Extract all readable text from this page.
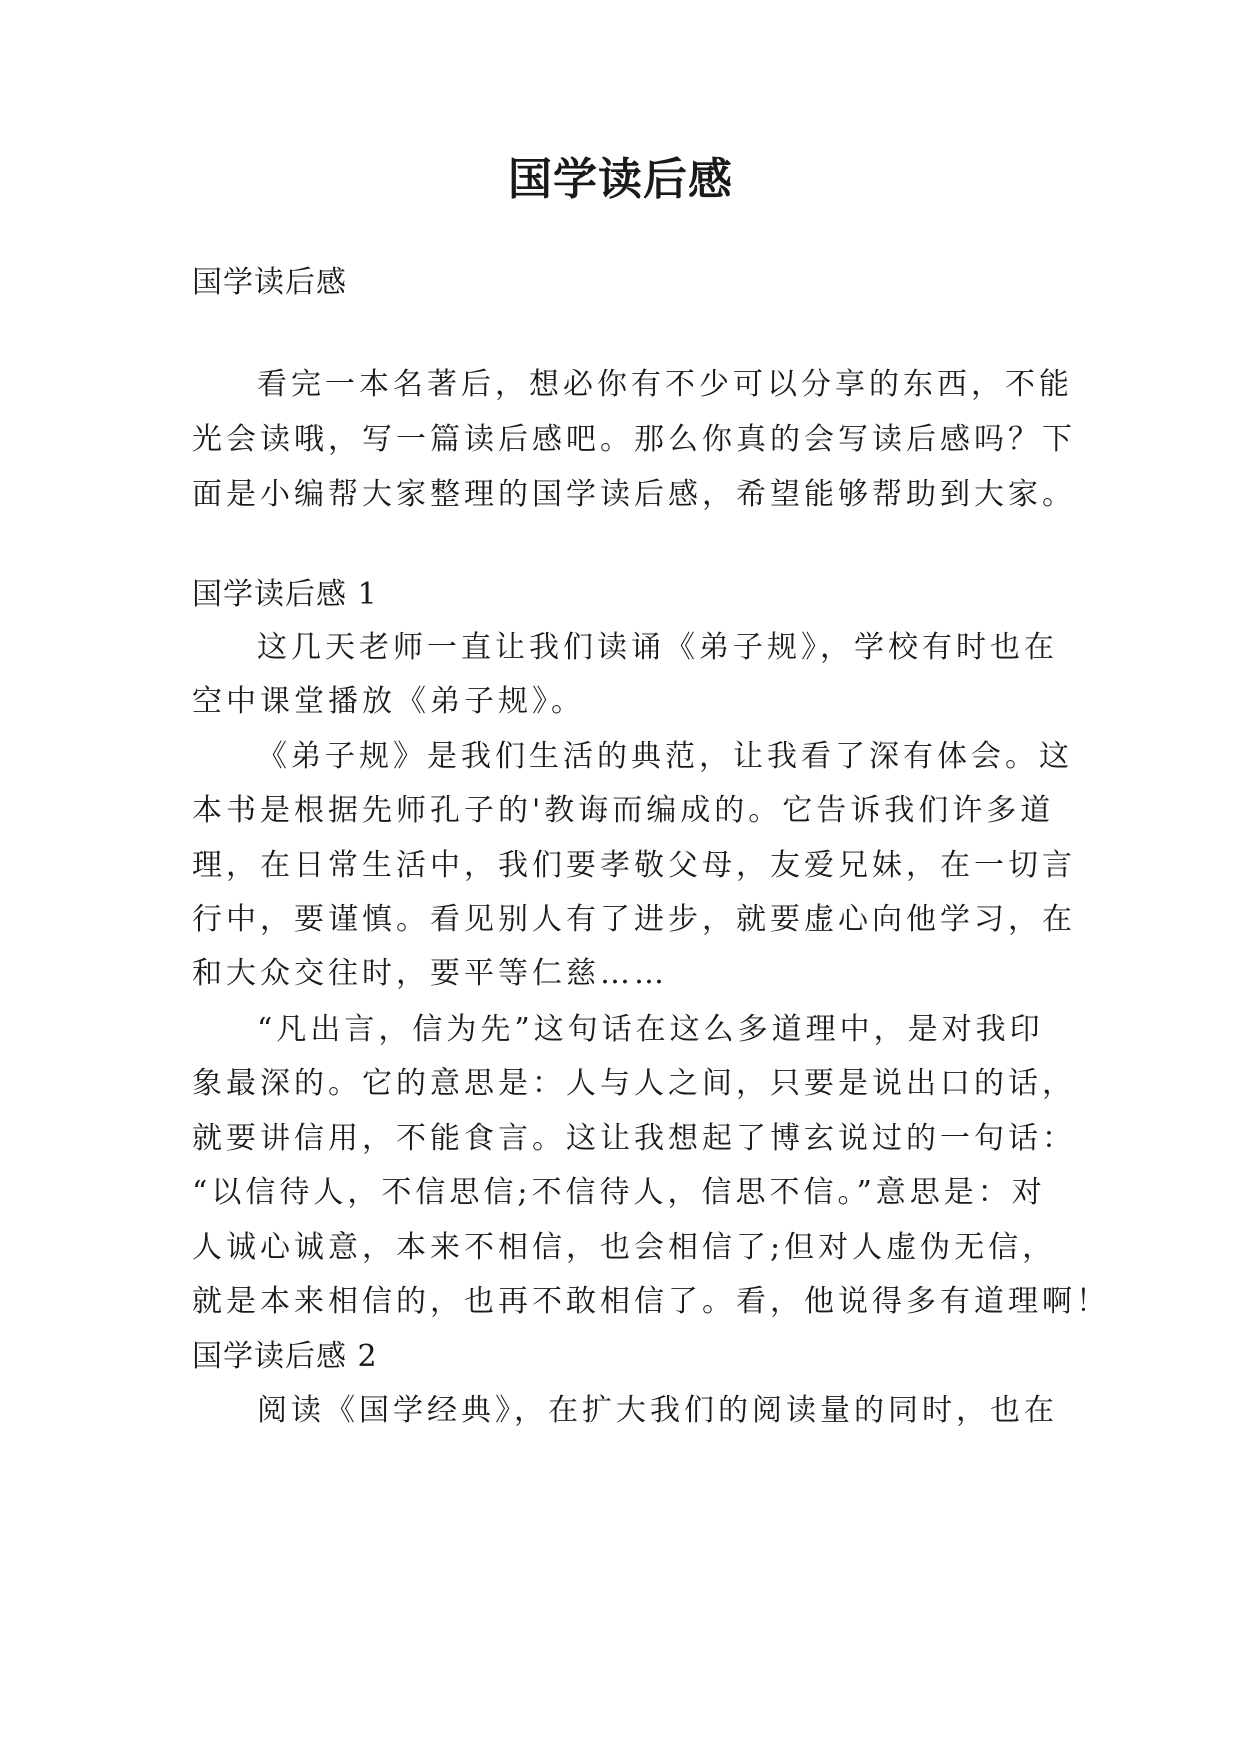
国学读后感
国学读后感
看完一本名著后，想必你有不少可以分享的东西，不能
光会读哦，写一篇读后感吧。那么你真的会写读后感吗？下
面是小编帮大家整理的国学读后感，希望能够帮助到大家。
国学读后感 1
这几天老师一直让我们读诵《弟子规》，学校有时也在
空中课堂播放《弟子规》。
《弟子规》是我们生活的典范，让我看了深有体会。这
本书是根据先师孔子的'教诲而编成的。它告诉我们许多道
理，在日常生活中，我们要孝敬父母，友爱兄妹，在一切言
行中，要谨慎。看见别人有了进步，就要虚心向他学习，在
和大众交往时，要平等仁慈……
“凡出言，信为先”这句话在这么多道理中，是对我印
象最深的。它的意思是：人与人之间，只要是说出口的话，
就要讲信用，不能食言。这让我想起了博玄说过的一句话：
“以信待人，不信思信;不信待人，信思不信。”意思是：对
人诚心诚意，本来不相信，也会相信了;但对人虚伪无信，
就是本来相信的，也再不敢相信了。看，他说得多有道理啊！
国学读后感 2
阅读《国学经典》，在扩大我们的阅读量的同时，也在
